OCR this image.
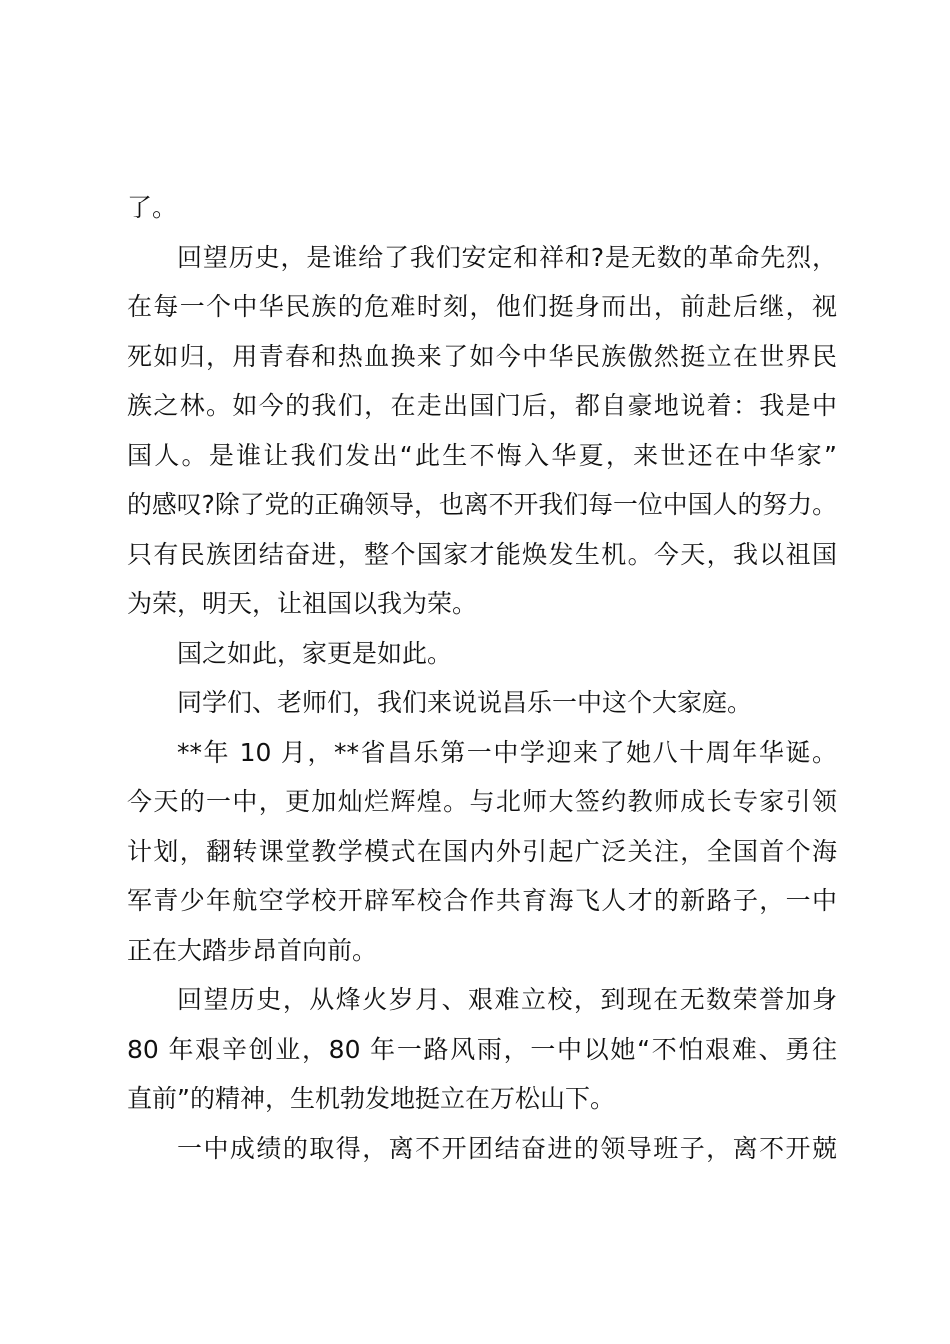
了。
回望历史，是谁给了我们安定和祥和?是无数的革命先烈，
在每一个中华民族的危难时刻，他们挺身而出，前赴后继，视
死如归，用青春和热血换来了如今中华民族傲然挺立在世界民
族之林。如今的我们，在走出国门后，都自豪地说着：我是中
国人。是谁让我们发出“此生不悔入华夏，来世还在中华家”
的感叹?除了党的正确领导，也离不开我们每一位中国人的努力。
只有民族团结奋进，整个国家才能焕发生机。今天，我以祖国
为荣，明天，让祖国以我为荣。
国之如此，家更是如此。
同学们、老师们，我们来说说昌乐一中这个大家庭。
**年 10 月，**省昌乐第一中学迎来了她八十周年华诞。
今天的一中，更加灿烂辉煌。与北师大签约教师成长专家引领
计划，翻转课堂教学模式在国内外引起广泛关注，全国首个海
军青少年航空学校开辟军校合作共育海飞人才的新路子，一中
正在大踏步昂首向前。
回望历史，从烽火岁月、艰难立校，到现在无数荣誉加身
80 年艰辛创业，80 年一路风雨，一中以她“不怕艰难、勇往
直前”的精神，生机勃发地挺立在万松山下。
一中成绩的取得，离不开团结奋进的领导班子，离不开兢
